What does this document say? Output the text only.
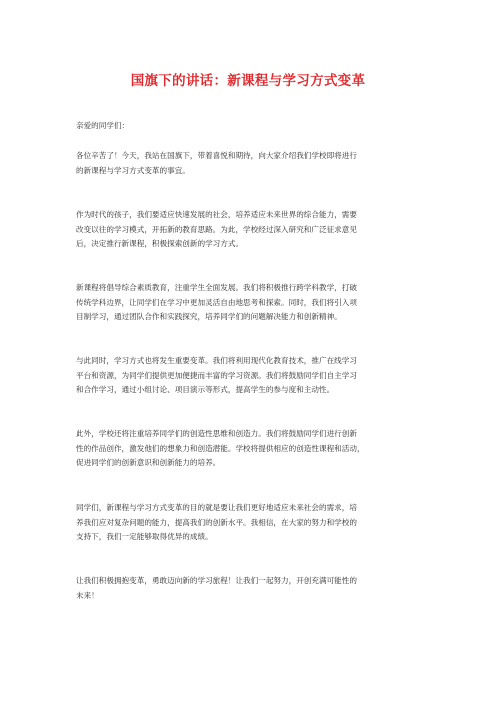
国旗下的讲话：新课程与学习方式变革
亲爱的同学们：
各位辛苦了！今天，我站在国旗下，带着喜悦和期待，向大家介绍我们学校即将进行
的新课程与学习方式变革的事宜。
作为时代的孩子，我们要适应快速发展的社会，培养适应未来世界的综合能力，需要
改变以往的学习模式，开拓新的教育思路。为此，学校经过深入研究和广泛征求意见
后，决定推行新课程，积极探索创新的学习方式。
新课程将倡导综合素质教育，注重学生全面发展。我们将积极推行跨学科教学，打破
传统学科边界，让同学们在学习中更加灵活自由地思考和探索。同时，我们将引入项
目制学习，通过团队合作和实践探究，培养同学们的问题解决能力和创新精神。
与此同时，学习方式也将发生重要变革。我们将利用现代化教育技术，推广在线学习
平台和资源，为同学们提供更加便捷而丰富的学习资源。我们将鼓励同学们自主学习
和合作学习，通过小组讨论、项目演示等形式，提高学生的参与度和主动性。
此外，学校还将注重培养同学们的创造性思维和创造力。我们将鼓励同学们进行创新
性的作品创作，激发他们的想象力和创造潜能。学校将提供相应的创造性课程和活动，
促进同学们的创新意识和创新能力的培养。
同学们，新课程与学习方式变革的目的就是要让我们更好地适应未来社会的需求，培
养我们应对复杂问题的能力，提高我们的创新水平。我相信，在大家的努力和学校的
支持下，我们一定能够取得优异的成绩。
让我们积极拥抱变革，勇敢迈向新的学习旅程！让我们一起努力，开创充满可能性的
未来！
